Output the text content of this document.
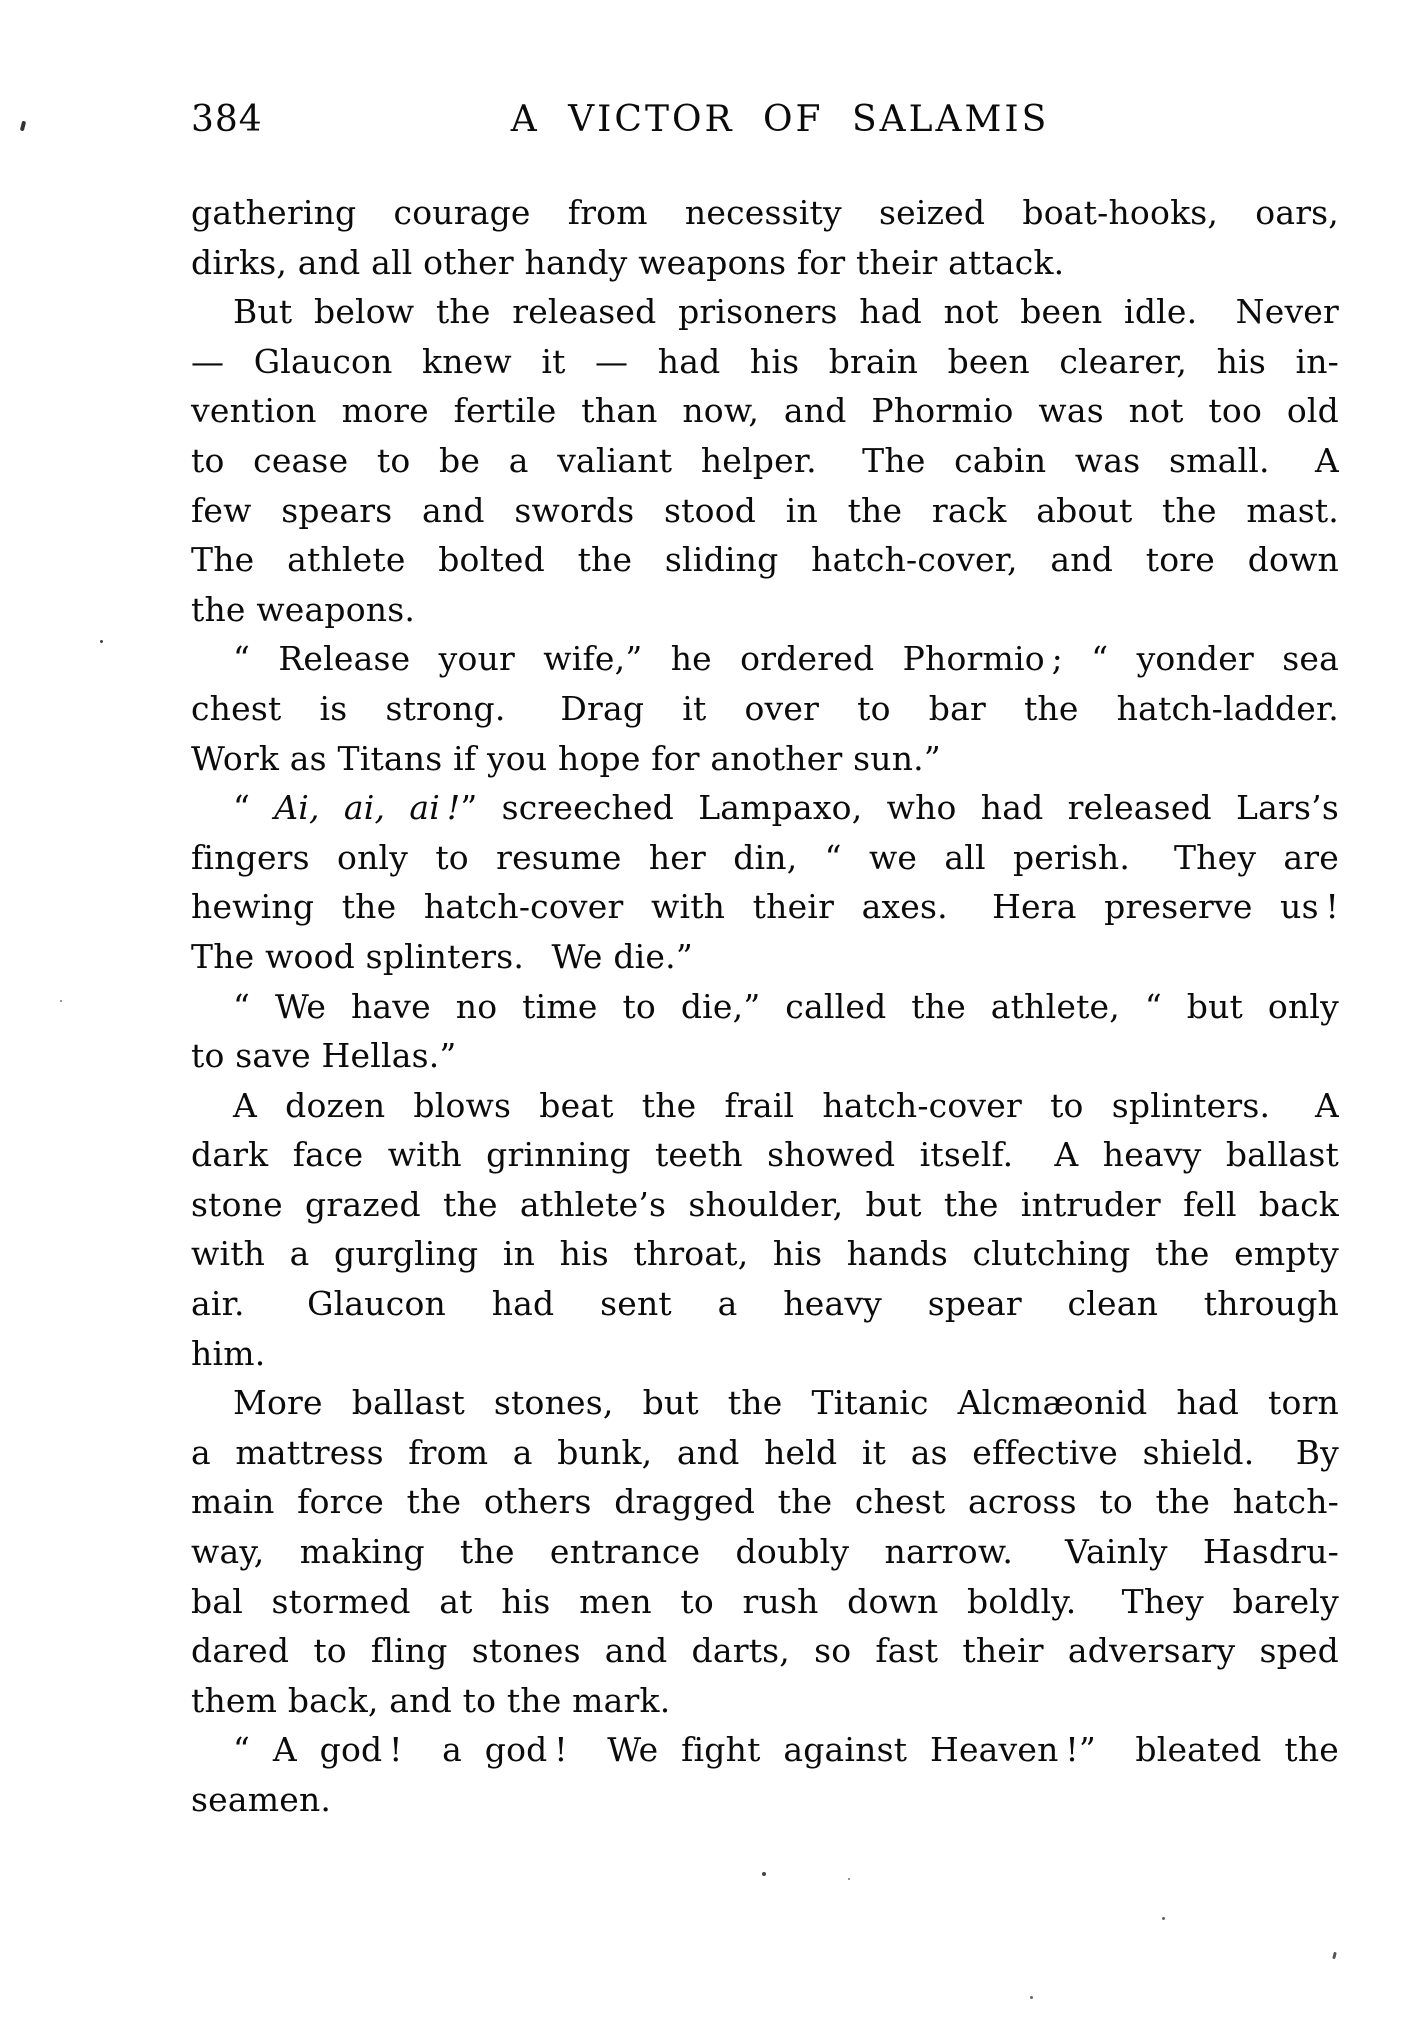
384	A VICTOR OF SALAMIS
gathering courage from necessity seized boat-hooks, oars,
dirks, and all other handy weapons for their attack.
But below the released prisoners had not been idle.  Never
— Glaucon knew it — had his brain been clearer, his in-
vention more fertile than now, and Phormio was not too old
to cease to be a valiant helper.  The cabin was small.  A
few spears and swords stood in the rack about the mast.
The athlete bolted the sliding hatch-cover, and tore down
the weapons.
“ Release your wife,” he ordered Phormio ; “ yonder sea
chest is strong.  Drag it over to bar the hatch-ladder.
Work as Titans if you hope for another sun.”
“ Ai, ai, ai !” screeched Lampaxo, who had released Lars’s
fingers only to resume her din, “ we all perish.  They are
hewing the hatch-cover with their axes.  Hera preserve us !
The wood splinters.  We die.”
“ We have no time to die,” called the athlete, “ but only
to save Hellas.”
A dozen blows beat the frail hatch-cover to splinters.  A
dark face with grinning teeth showed itself.  A heavy ballast
stone grazed the athlete’s shoulder, but the intruder fell back
with a gurgling in his throat, his hands clutching the empty
air.  Glaucon had sent a heavy spear clean through
him.
More ballast stones, but the Titanic Alcmæonid had torn
a mattress from a bunk, and held it as effective shield.  By
main force the others dragged the chest across to the hatch-
way, making the entrance doubly narrow.  Vainly Hasdru-
bal stormed at his men to rush down boldly.  They barely
dared to fling stones and darts, so fast their adversary sped
them back, and to the mark.
“ A god !  a god !  We fight against Heaven !”  bleated the
seamen.
